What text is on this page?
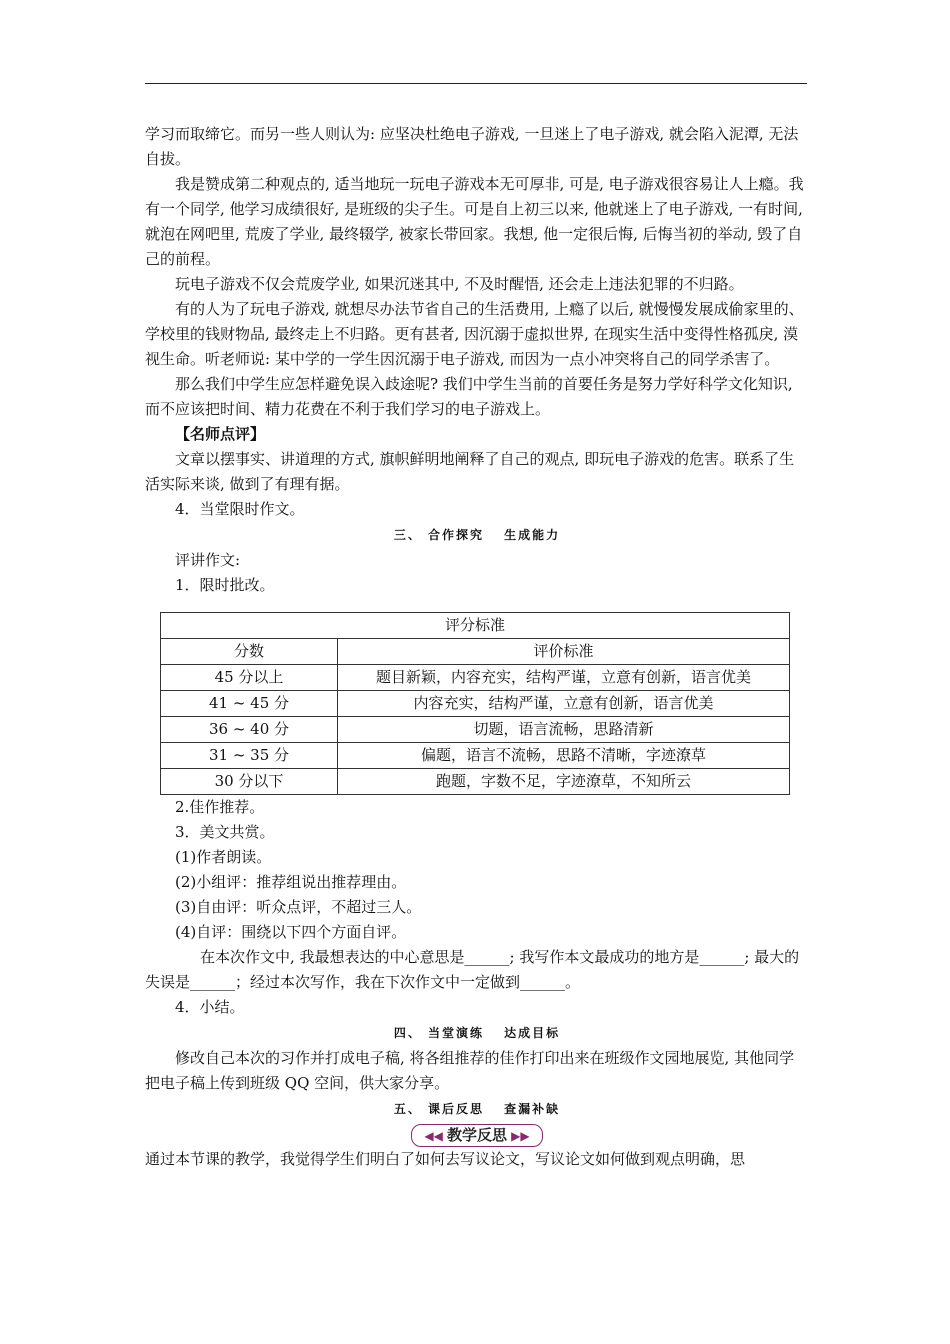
学习而取缔它。而另一些人则认为: 应坚决杜绝电子游戏, 一旦迷上了电子游戏, 就会陷入泥潭, 无法自拔。

我是赞成第二种观点的, 适当地玩一玩电子游戏本无可厚非, 可是, 电子游戏很容易让人上瘾。我有一个同学, 他学习成绩很好, 是班级的尖子生。可是自上初三以来, 他就迷上了电子游戏, 一有时间, 就泡在网吧里, 荒废了学业, 最终辍学, 被家长带回家。我想, 他一定很后悔, 后悔当初的举动, 毁了自己的前程。

玩电子游戏不仅会荒废学业, 如果沉迷其中, 不及时醒悟, 还会走上违法犯罪的不归路。

有的人为了玩电子游戏, 就想尽办法节省自己的生活费用, 上瘾了以后, 就慢慢发展成偷家里的、学校里的钱财物品, 最终走上不归路。更有甚者, 因沉溺于虚拟世界, 在现实生活中变得性格孤戾, 漠视生命。听老师说: 某中学的一学生因沉溺于电子游戏, 而因为一点小冲突将自己的同学杀害了。

那么我们中学生应怎样避免误入歧途呢? 我们中学生当前的首要任务是努力学好科学文化知识, 而不应该把时间、精力花费在不利于我们学习的电子游戏上。

【名师点评】

文章以摆事实、讲道理的方式, 旗帜鲜明地阐释了自己的观点, 即玩电子游戏的危害。联系了生活实际来谈, 做到了有理有据。

4．当堂限时作文。

三、 合作探究　 生成能力

评讲作文:

1．限时批改。

评分标准	
分数	评价标准
45 分以上	题目新颖，内容充实，结构严谨，立意有创新，语言优美
41 ~ 45 分	内容充实，结构严谨，立意有创新，语言优美
36 ~ 40 分	切题，语言流畅，思路清新
31 ~ 35 分	偏题，语言不流畅，思路不清晰，字迹潦草
30 分以下	跑题，字数不足，字迹潦草，不知所云

2.佳作推荐。

3．美文共赏。

(1)作者朗读。

(2)小组评：推荐组说出推荐理由。

(3)自由评：听众点评，不超过三人。

(4)自评：围绕以下四个方面自评。

在本次作文中, 我最想表达的中心意思是______; 我写作本文最成功的地方是______; 最大的失误是______；经过本次写作，我在下次作文中一定做到______。

4．小结。

四、 当堂演练　 达成目标

修改自己本次的习作并打成电子稿, 将各组推荐的佳作打印出来在班级作文园地展览, 其他同学把电子稿上传到班级 QQ 空间，供大家分享。

五、 课后反思　 查漏补缺

◀◀ 教学反思 ▶▶

通过本节课的教学，我觉得学生们明白了如何去写议论文，写议论文如何做到观点明确，思
